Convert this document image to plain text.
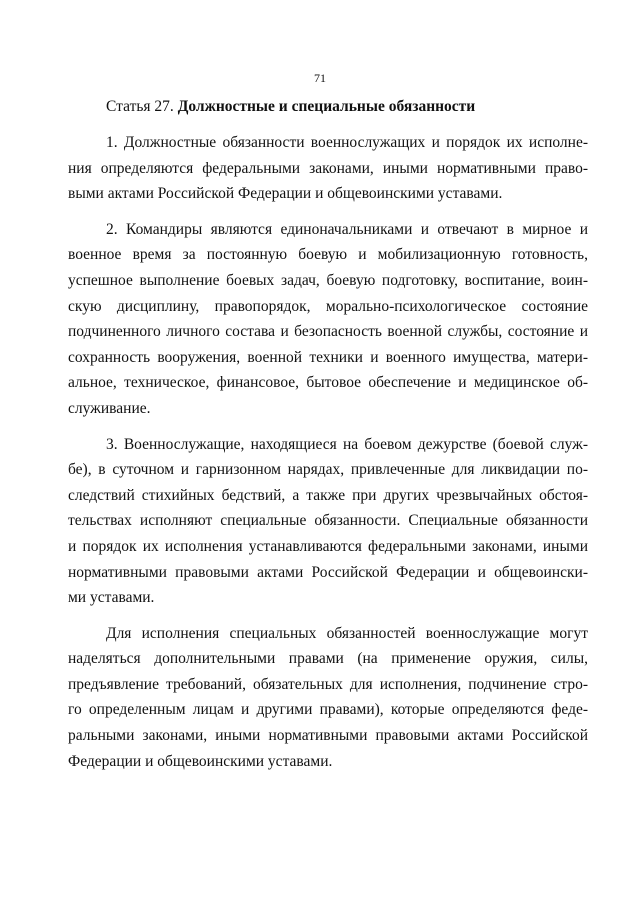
71
Статья 27. Должностные и специальные обязанности
1. Должностные обязанности военнослужащих и порядок их исполне-
ния определяются федеральными законами, иными нормативными право-
выми актами Российской Федерации и общевоинскими уставами.
2. Командиры являются единоначальниками и отвечают в мирное и
военное время за постоянную боевую и мобилизационную готовность,
успешное выполнение боевых задач, боевую подготовку, воспитание, воин-
скую дисциплину, правопорядок, морально-психологическое состояние
подчиненного личного состава и безопасность военной службы, состояние и
сохранность вооружения, военной техники и военного имущества, матери-
альное, техническое, финансовое, бытовое обеспечение и медицинское об-
служивание.
3. Военнослужащие, находящиеся на боевом дежурстве (боевой служ-
бе), в суточном и гарнизонном нарядах, привлеченные для ликвидации по-
следствий стихийных бедствий, а также при других чрезвычайных обстоя-
тельствах исполняют специальные обязанности. Специальные обязанности
и порядок их исполнения устанавливаются федеральными законами, иными
нормативными правовыми актами Российской Федерации и общевоински-
ми уставами.
Для исполнения специальных обязанностей военнослужащие могут
наделяться дополнительными правами (на применение оружия, силы,
предъявление требований, обязательных для исполнения, подчинение стро-
го определенным лицам и другими правами), которые определяются феде-
ральными законами, иными нормативными правовыми актами Российской
Федерации и общевоинскими уставами.
